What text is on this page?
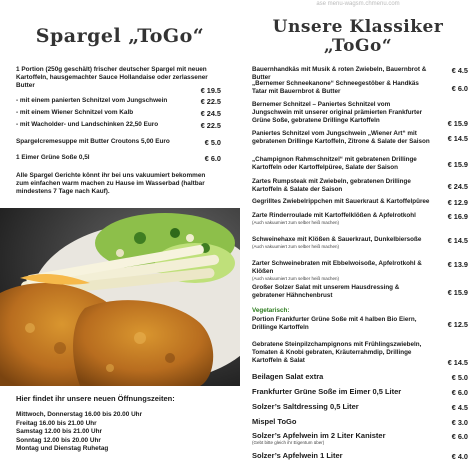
Spargel „ToGo“
1 Portion (250g geschält) frischer deutscher Spargel mit neuen Kartoffeln, hausgemachter Sauce Hollandaise oder zerlassener Butter
€ 19.5
- mit einem panierten Schnitzel vom Jungschwein	€ 22.5
- mit einem Wiener Schnitzel vom Kalb	€ 24.5
- mit Wacholder- und Landschinken 22,50 Euro	€ 22.5
Spargelcremesuppe mit Butter Croutons 5,00 Euro	€ 5.0
1 Eimer Grüne Soße 0,5l	€ 6.0
Alle Spargel Gerichte könnt ihr bei uns vakuumiert bekommen zum einfachen warm machen zu Hause im Wasserbad (haltbar mindestens 7 Tage nach Kauf).
Hier findet ihr unsere neuen Öffnungszeiten:
Mittwoch, Donnerstag 16.00 bis 20.00 Uhr
Freitag 16.00 bis 21.00 Uhr
Samstag 12.00 bis 21.00 Uhr
Sonntag 12.00 bis 20.00 Uhr
Montag und Dienstag Ruhetag
ase menu-wagsm.chmenu.com
Unsere Klassiker
„ToGo“
Bauernhandkäs mit Musik & roten Zwiebeln, Bauernbrot & Butter
€ 4.5
„Bernemer Schneekanone“ Schneegestöber & Handkäs Tatar mit Bauernbrot & Butter	€ 6.0
Bernemer Schnitzel – Paniertes Schnitzel vom Jungschwein mit unserer original prämierten Frankfurter Grüne Soße, gebratene Drillinge Kartoffeln	€ 15.9
Paniertes Schnitzel vom Jungschwein „Wiener Art“ mit gebratenen Drillinge Kartoffeln, Zitrone & Salate der Saison € 14.5
„Champignon Rahmschnitzel“ mit gebratenen Drillinge Kartoffeln oder Kartoffelpüree, Salate der Saison	€ 15.9
Zartes Rumpsteak mit Zwiebeln, gebratenen Drillinge Kartoffeln & Salate der Saison	€ 24.5
Gegrilltes Zwiebelrippchen mit Sauerkraut & Kartoffelpüree	€ 12.9
Zarte Rinderroulade mit Kartoffelklößen & Apfelrotkohl
(Auch vakuumiert zum selber heiß machen)
€ 16.9
Schweinehaxe mit Klößen & Sauerkraut, Dunkelbiersoße
(Auch vakuumiert zum selber heiß machen)
€ 14.5
Zarter Schweinebraten mit Ebbelwoisoße, Apfelrotkohl & Klößen
(Auch vakuumiert zum selber heiß machen)
€ 13.9
Großer Solzer Salat mit unserem Hausdressing & gebratener Hähnchenbrust	€ 15.9
Vegetarisch:
Portion Frankfurter Grüne Soße mit 4 halben Bio Eiern, Drillinge Kartoffeln	€ 12.5
Gebratene Steinpilzchampignons mit Frühlingszwiebeln, Tomaten & Knobi gebraten, Kräuterrahmdip, Drillinge Kartoffeln & Salat	€ 14.5
Beilagen Salat extra	€ 5.0
Frankfurter Grüne Soße im Eimer 0,5 Liter	€ 6.0
Solzer’s Saltdressing 0,5 Liter	€ 4.5
Mispel ToGo	€ 3.0
Solzer’s Apfelwein im 2 Liter Kanister
(Gebt bitte gleich ihr Eigentum über)
€ 6.0
Solzer’s Apfelwein 1 Liter	€ 4.0
